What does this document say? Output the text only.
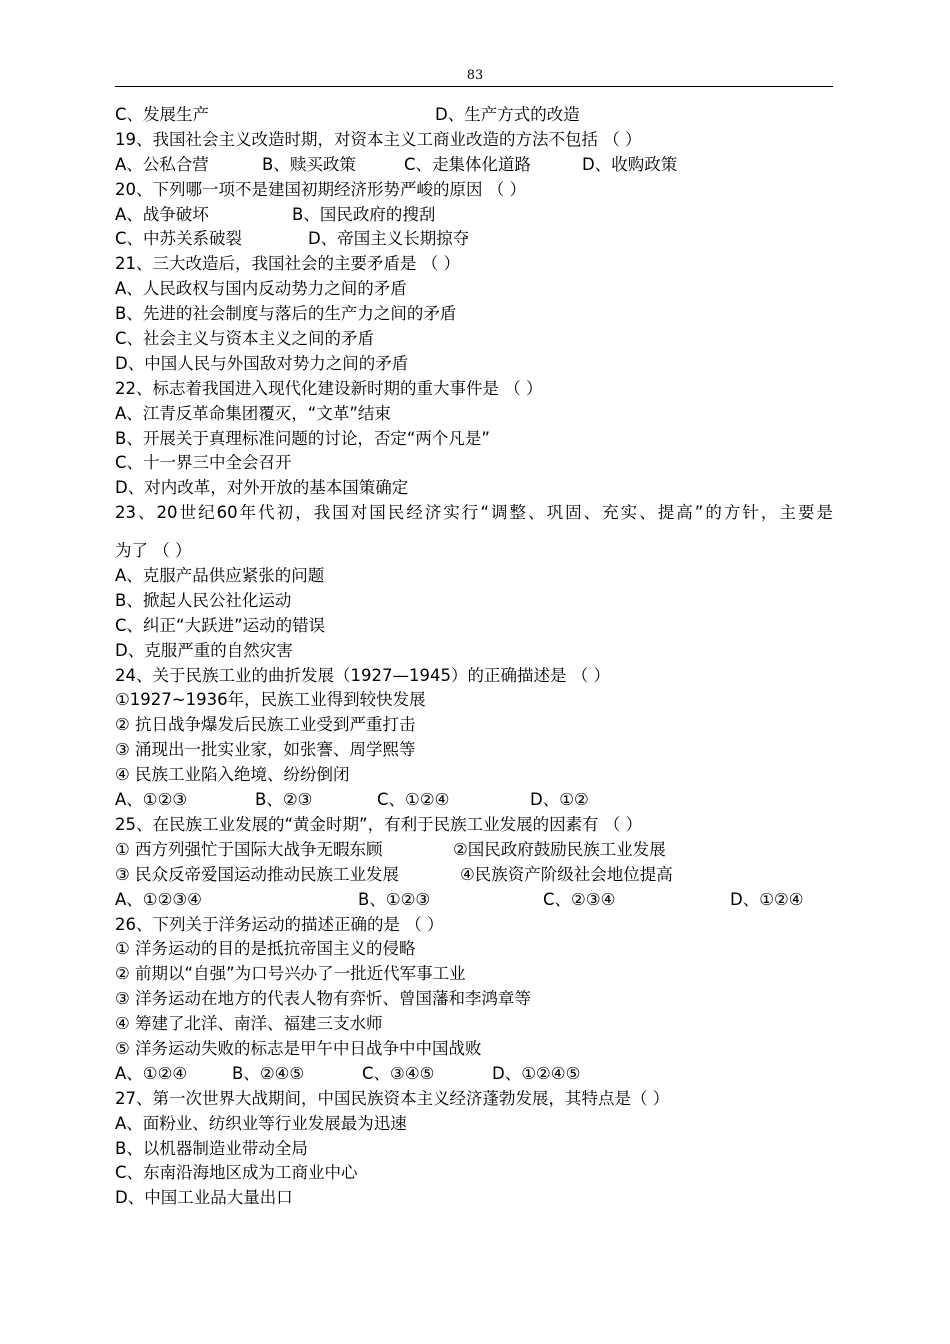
83
C、发展生产	D、生产方式的改造
19、我国社会主义改造时期，对资本主义工商业改造的方法不包括 （ ）
A、公私合营	B、赎买政策	C、走集体化道路	D、收购政策
20、下列哪一项不是建国初期经济形势严峻的原因 （ ）
A、战争破坏	B、国民政府的搜刮
C、中苏关系破裂	D、帝国主义长期掠夺
21、三大改造后，我国社会的主要矛盾是 （ ）
A、人民政权与国内反动势力之间的矛盾
B、先进的社会制度与落后的生产力之间的矛盾
C、社会主义与资本主义之间的矛盾
D、中国人民与外国敌对势力之间的矛盾
22、标志着我国进入现代化建设新时期的重大事件是 （ ）
A、江青反革命集团覆灭，“文革”结束
B、开展关于真理标准问题的讨论，否定“两个凡是”
C、十一界三中全会召开
D、对内改革，对外开放的基本国策确定
23、20世纪60年代初，我国对国民经济实行“调整、巩固、充实、提高”的方针，主要是
为了 （ ）
A、克服产品供应紧张的问题
B、掀起人民公社化运动
C、纠正“大跃进”运动的错误
D、克服严重的自然灾害
24、关于民族工业的曲折发展（1927—1945）的正确描述是 （ ）
①1927~1936年，民族工业得到较快发展
② 抗日战争爆发后民族工业受到严重打击
③ 涌现出一批实业家，如张謇、周学熙等
④ 民族工业陷入绝境、纷纷倒闭
A、①②③	B、②③	C、①②④	D、①②
25、在民族工业发展的“黄金时期”，有利于民族工业发展的因素有 （ ）
① 西方列强忙于国际大战争无暇东顾	②国民政府鼓励民族工业发展
③ 民众反帝爱国运动推动民族工业发展	④民族资产阶级社会地位提高
A、①②③④	B、①②③	C、②③④	D、①②④
26、下列关于洋务运动的描述正确的是 （ ）
① 洋务运动的目的是抵抗帝国主义的侵略
② 前期以“自强”为口号兴办了一批近代军事工业
③ 洋务运动在地方的代表人物有弈忻、曾国藩和李鸿章等
④ 筹建了北洋、南洋、福建三支水师
⑤ 洋务运动失败的标志是甲午中日战争中中国战败
A、①②④	B、②④⑤	C、③④⑤	D、①②④⑤
27、第一次世界大战期间，中国民族资本主义经济蓬勃发展，其特点是（ ）
A、面粉业、纺织业等行业发展最为迅速
B、以机器制造业带动全局
C、东南沿海地区成为工商业中心
D、中国工业品大量出口
